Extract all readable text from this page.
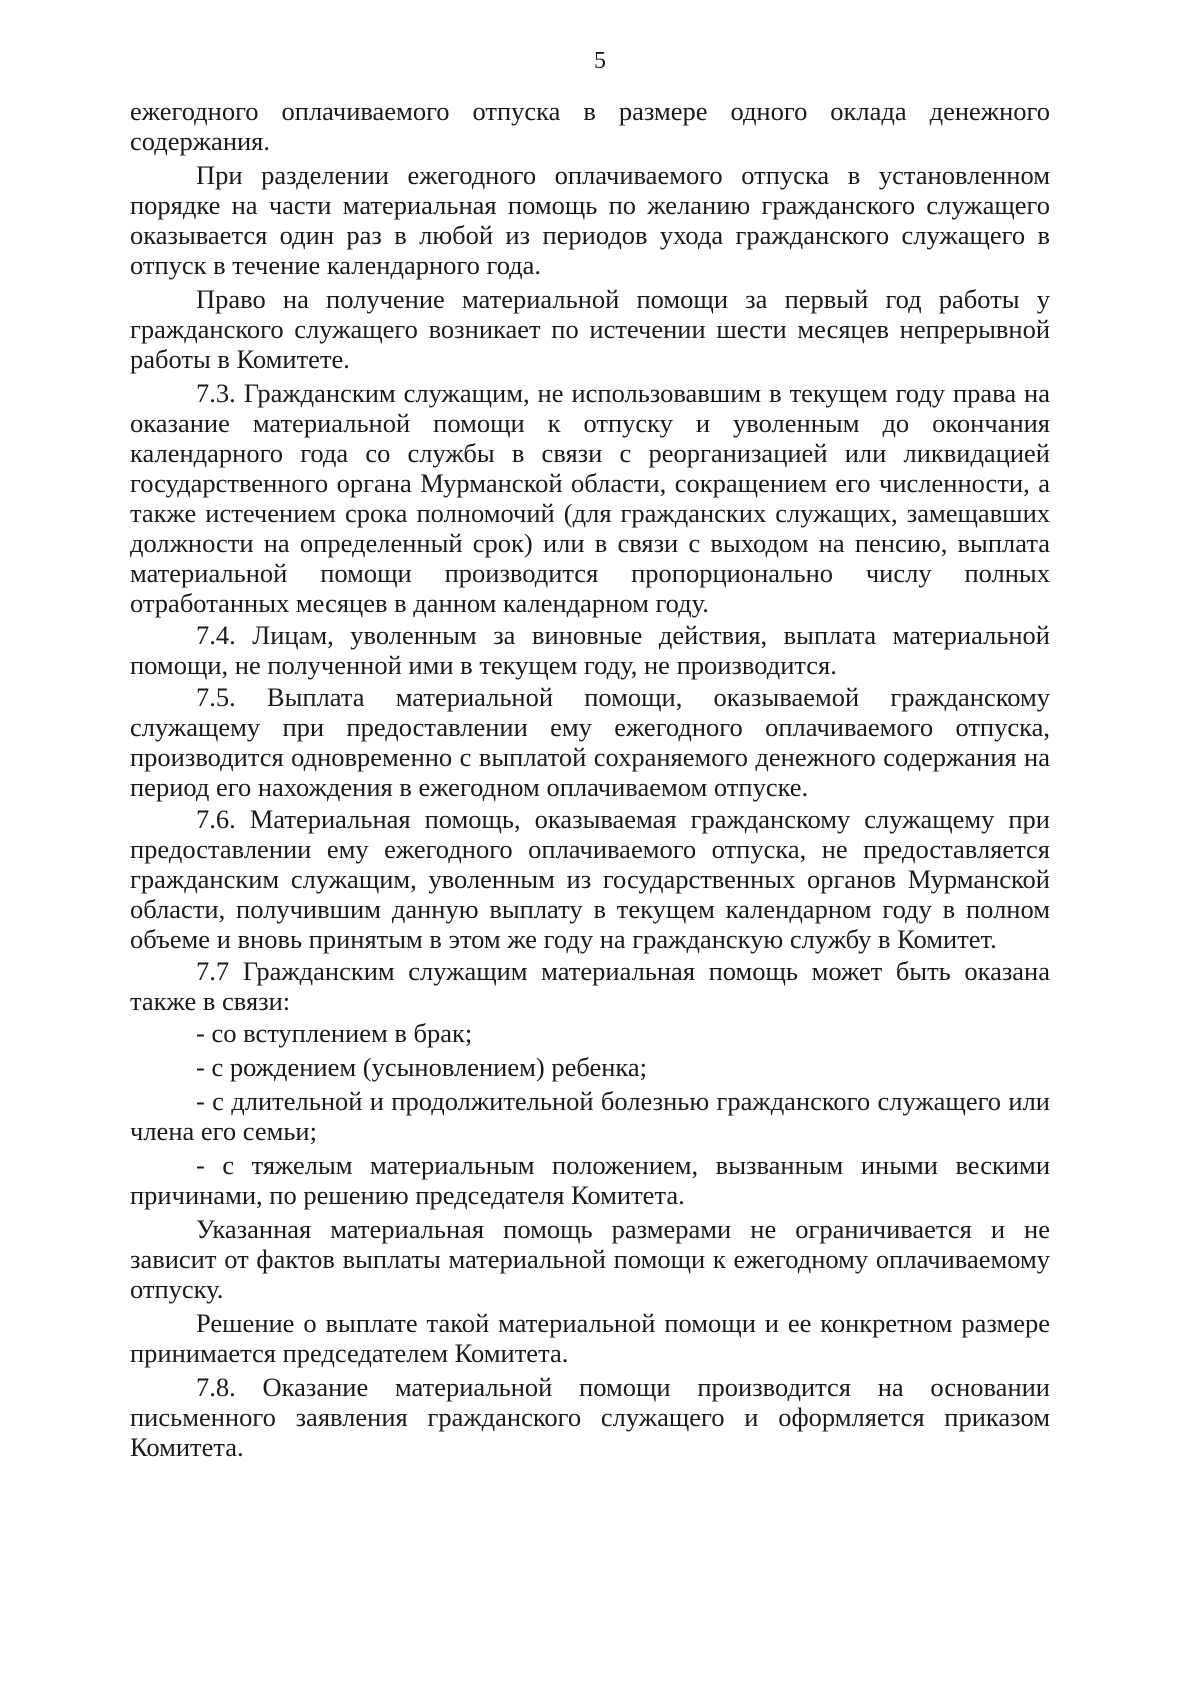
5

ежегодного оплачиваемого отпуска в размере одного оклада денежного содержания.

При разделении ежегодного оплачиваемого отпуска в установленном порядке на части материальная помощь по желанию гражданского служащего оказывается один раз в любой из периодов ухода гражданского служащего в отпуск в течение календарного года.

Право на получение материальной помощи за первый год работы у гражданского служащего возникает по истечении шести месяцев непрерывной работы в Комитете.

7.3. Гражданским служащим, не использовавшим в текущем году права на оказание материальной помощи к отпуску и уволенным до окончания календарного года со службы в связи с реорганизацией или ликвидацией государственного органа Мурманской области, сокращением его численности, а также истечением срока полномочий (для гражданских служащих, замещавших должности на определенный срок) или в связи с выходом на пенсию, выплата материальной помощи производится пропорционально числу полных отработанных месяцев в данном календарном году.

7.4. Лицам, уволенным за виновные действия, выплата материальной помощи, не полученной ими в текущем году, не производится.

7.5. Выплата материальной помощи, оказываемой гражданскому служащему при предоставлении ему ежегодного оплачиваемого отпуска, производится одновременно с выплатой сохраняемого денежного содержания на период его нахождения в ежегодном оплачиваемом отпуске.

7.6. Материальная помощь, оказываемая гражданскому служащему при предоставлении ему ежегодного оплачиваемого отпуска, не предоставляется гражданским служащим, уволенным из государственных органов Мурманской области, получившим данную выплату в текущем календарном году в полном объеме и вновь принятым в этом же году на гражданскую службу в Комитет.

7.7 Гражданским служащим материальная помощь может быть оказана также в связи:

- со вступлением в брак;

- с рождением (усыновлением) ребенка;

- с длительной и продолжительной болезнью гражданского служащего или члена его семьи;

- с тяжелым материальным положением, вызванным иными вескими причинами, по решению председателя Комитета.

Указанная материальная помощь размерами не ограничивается и не зависит от фактов выплаты материальной помощи к ежегодному оплачиваемому отпуску.

Решение о выплате такой материальной помощи и ее конкретном размере принимается председателем Комитета.

7.8. Оказание материальной помощи производится на основании письменного заявления гражданского служащего и оформляется приказом Комитета.
